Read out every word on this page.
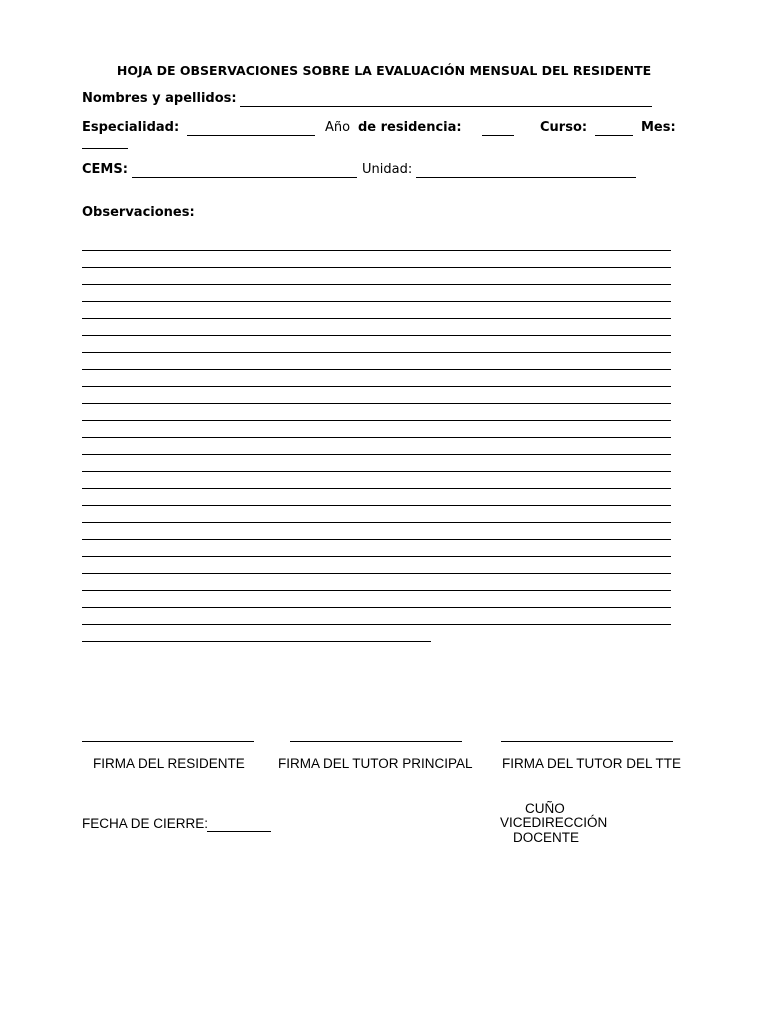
HOJA DE OBSERVACIONES SOBRE LA EVALUACIÓN MENSUAL DEL RESIDENTE
Nombres y apellidos:
Especialidad:	Año de residencia:	Curso:	Mes:
CEMS:	Unidad:
Observaciones:
FIRMA DEL RESIDENTE FIRMA DEL TUTOR PRINCIPAL FIRMA DEL TUTOR DEL TTE
FECHA DE CIERRE:
CUÑO
VICEDIRECCIÓN
DOCENTE
